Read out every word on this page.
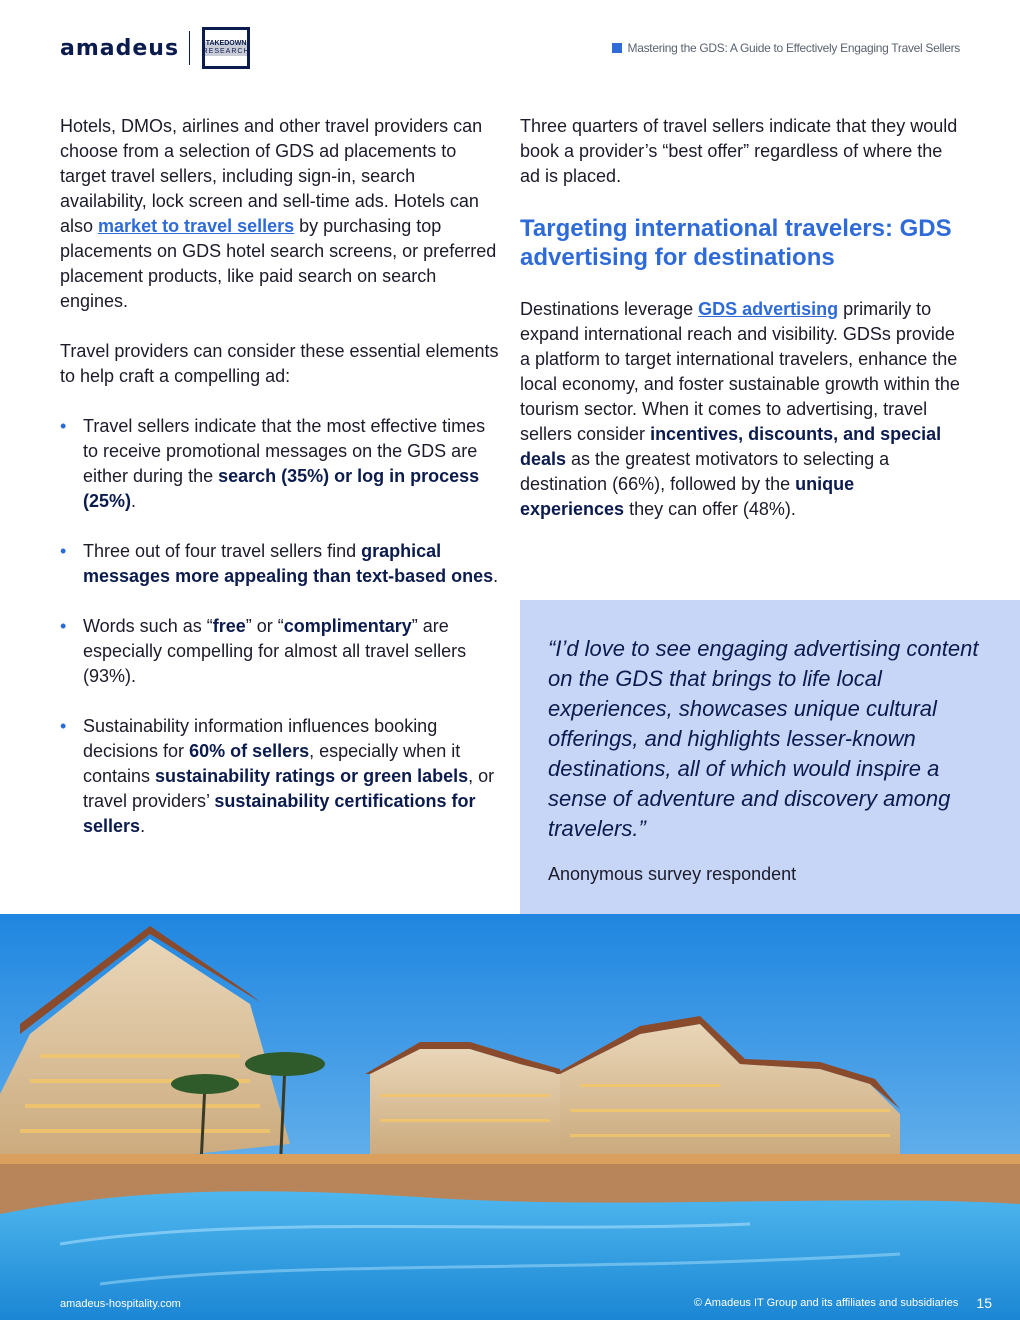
amadeus	TAKEDOWN
RESEARCH	Mastering the GDS: A Guide to Effectively Engaging Travel Sellers

Hotels, DMOs, airlines and other travel providers can choose from a selection of GDS ad placements to target travel sellers, including sign-in, search availability, lock screen and sell-time ads. Hotels can also market to travel sellers by purchasing top placements on GDS hotel search screens, or preferred placement products, like paid search on search engines.

Travel providers can consider these essential elements to help craft a compelling ad:

• Travel sellers indicate that the most effective times to receive promotional messages on the GDS are either during the search (35%) or log in process (25%).
• Three out of four travel sellers find graphical messages more appealing than text-based ones.
• Words such as “free” or “complimentary” are especially compelling for almost all travel sellers (93%).
• Sustainability information influences booking decisions for 60% of sellers, especially when it contains sustainability ratings or green labels, or travel providers’ sustainability certifications for sellers.

Three quarters of travel sellers indicate that they would book a provider’s “best offer” regardless of where the ad is placed.

Targeting international travelers: GDS advertising for destinations

Destinations leverage GDS advertising primarily to expand international reach and visibility. GDSs provide a platform to target international travelers, enhance the local economy, and foster sustainable growth within the tourism sector. When it comes to advertising, travel sellers consider incentives, discounts, and special deals as the greatest motivators to selecting a destination (66%), followed by the unique experiences they can offer (48%).

“I’d love to see engaging advertising content on the GDS that brings to life local experiences, showcases unique cultural offerings, and highlights lesser-known destinations, all of which would inspire a sense of adventure and discovery among travelers.”
Anonymous survey respondent
amadeus-hospitality.com	© Amadeus IT Group and its affiliates and subsidiaries 15
